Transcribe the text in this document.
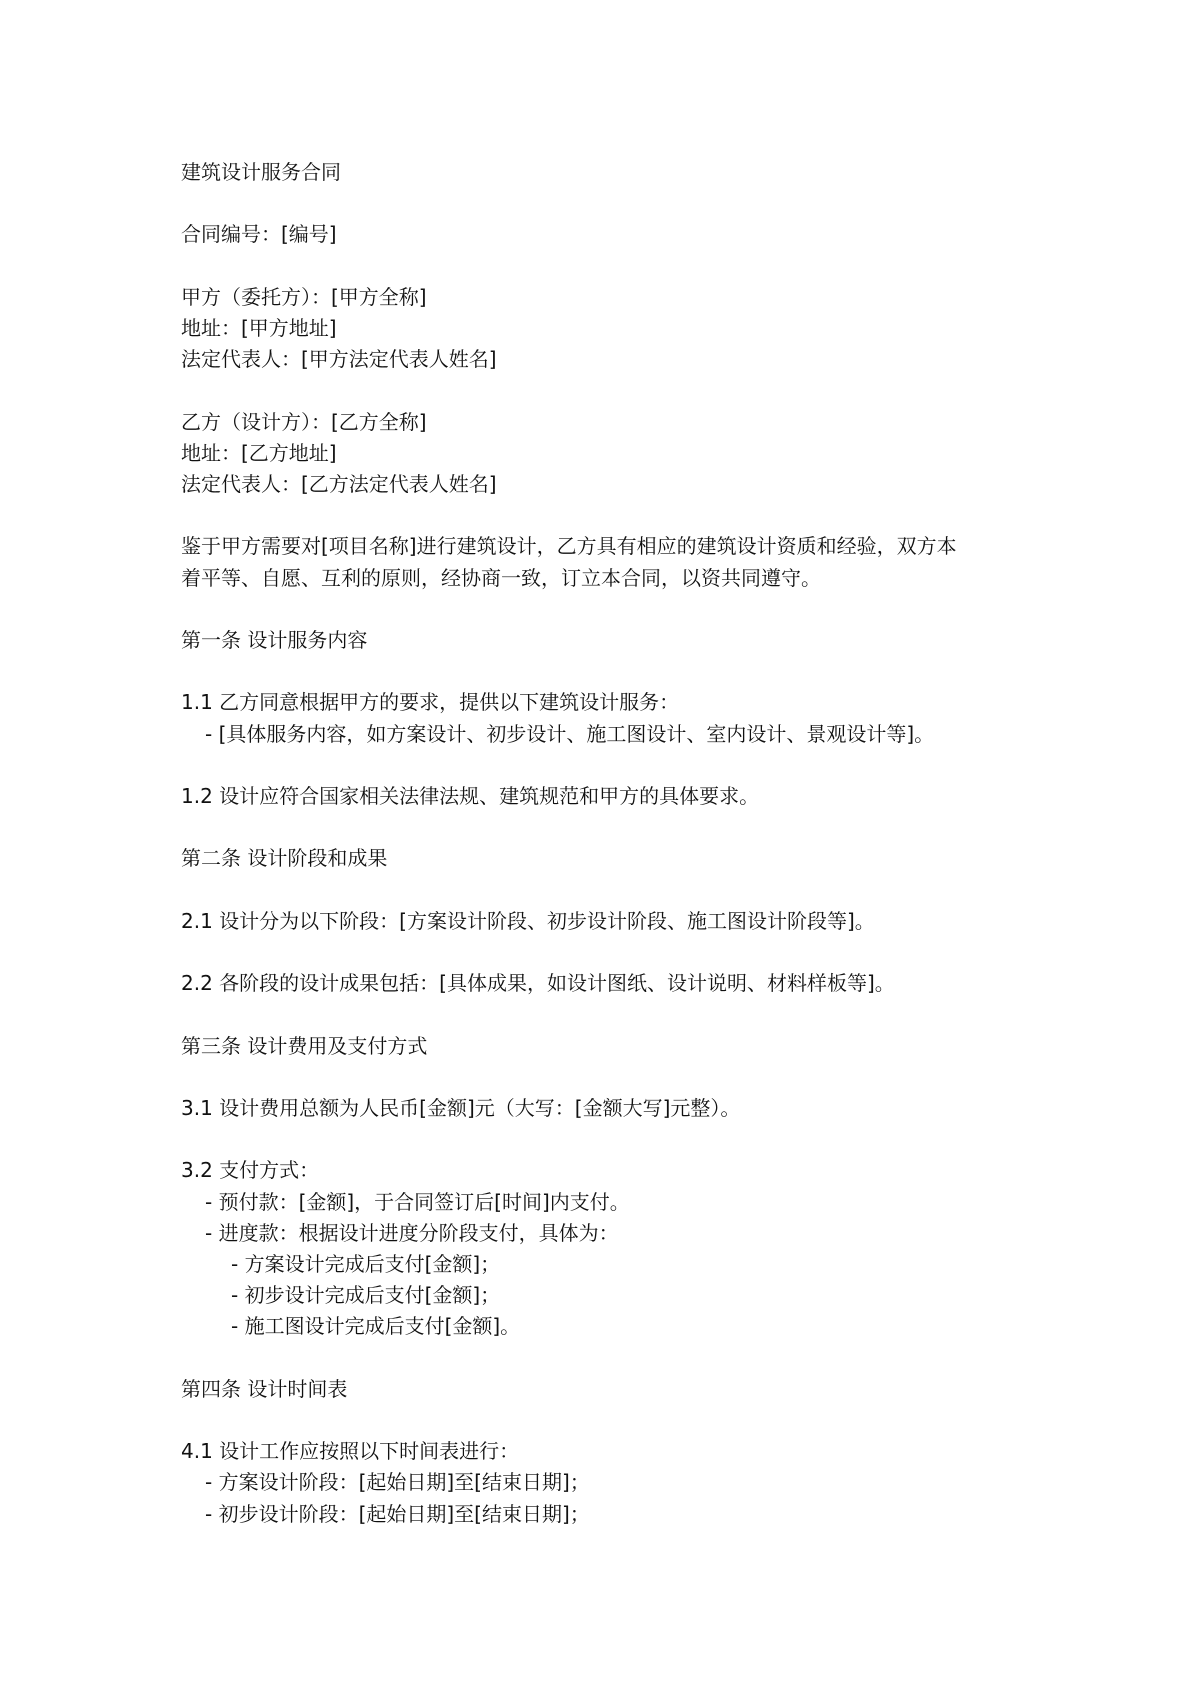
建筑设计服务合同
合同编号：[编号]
甲方（委托方）：[甲方全称]
地址：[甲方地址]
法定代表人：[甲方法定代表人姓名]
乙方（设计方）：[乙方全称]
地址：[乙方地址]
法定代表人：[乙方法定代表人姓名]
鉴于甲方需要对[项目名称]进行建筑设计，乙方具有相应的建筑设计资质和经验，双方本
着平等、自愿、互利的原则，经协商一致，订立本合同，以资共同遵守。
第一条 设计服务内容
1.1 乙方同意根据甲方的要求，提供以下建筑设计服务：
- [具体服务内容，如方案设计、初步设计、施工图设计、室内设计、景观设计等]。
1.2 设计应符合国家相关法律法规、建筑规范和甲方的具体要求。
第二条 设计阶段和成果
2.1 设计分为以下阶段：[方案设计阶段、初步设计阶段、施工图设计阶段等]。
2.2 各阶段的设计成果包括：[具体成果，如设计图纸、设计说明、材料样板等]。
第三条 设计费用及支付方式
3.1 设计费用总额为人民币[金额]元（大写：[金额大写]元整）。
3.2 支付方式：
- 预付款：[金额]，于合同签订后[时间]内支付。
- 进度款：根据设计进度分阶段支付，具体为：
- 方案设计完成后支付[金额]；
- 初步设计完成后支付[金额]；
- 施工图设计完成后支付[金额]。
第四条 设计时间表
4.1 设计工作应按照以下时间表进行：
- 方案设计阶段：[起始日期]至[结束日期]；
- 初步设计阶段：[起始日期]至[结束日期]；
